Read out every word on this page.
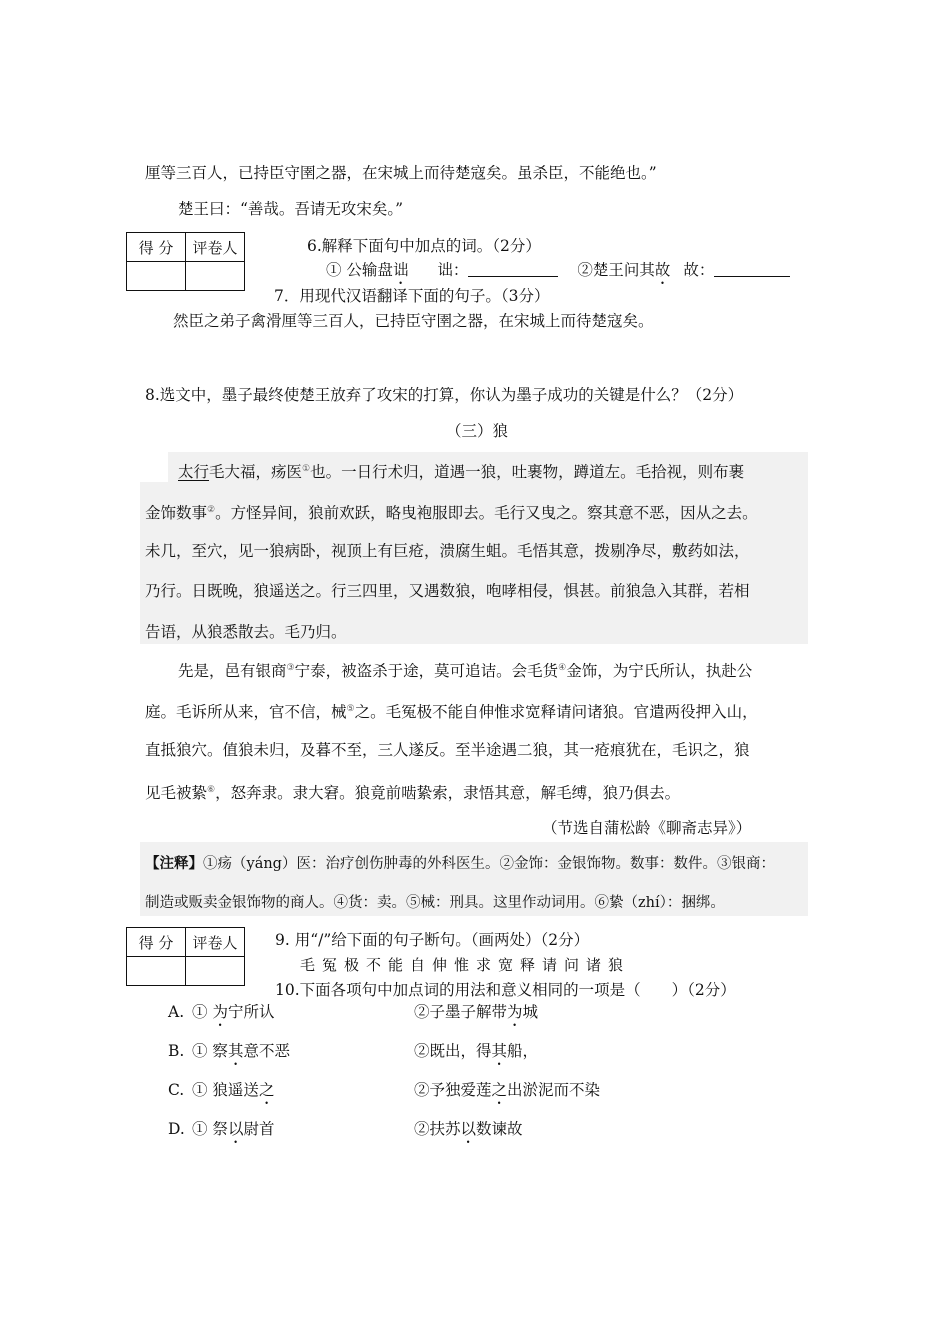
厘等三百人，已持臣守圉之器，在宋城上而待楚寇矣。虽杀臣，不能绝也。”
楚王曰：“善哉。吾请无攻宋矣。”
得 分	评卷人
		6.解释下面句中加点的词。（2分）
① 公输盘诎 诎：	②楚王问其故 故：
7．用现代汉语翻译下面的句子。（3分）
然臣之弟子禽滑厘等三百人，已持臣守圉之器，在宋城上而待楚寇矣。
8.选文中，墨子最终使楚王放弃了攻宋的打算，你认为墨子成功的关键是什么？（2分）
（三）狼
太行毛大福，疡医①也。一日行术归，道遇一狼，吐裹物，蹲道左。毛拾视，则布裹
金饰数事②。方怪异间，狼前欢跃，略曳袍服即去。毛行又曳之。察其意不恶，因从之去。
未几，至穴，见一狼病卧，视顶上有巨疮，溃腐生蛆。毛悟其意，拨剔净尽，敷药如法，
乃行。日既晚，狼遥送之。行三四里，又遇数狼，咆哮相侵，惧甚。前狼急入其群，若相
告语，从狼悉散去。毛乃归。
先是，邑有银商③宁泰，被盗杀于途，莫可追诘。会毛货④金饰，为宁氏所认，执赴公
庭。毛诉所从来，官不信，械⑤之。毛冤极不能自伸惟求宽释请问诸狼。官遣两役押入山，
直抵狼穴。值狼未归，及暮不至，三人遂反。至半途遇二狼，其一疮痕犹在，毛识之，狼
见毛被絷⑥，怒奔隶。隶大窘。狼竟前啮絷索，隶悟其意，解毛缚，狼乃俱去。
（节选自蒲松龄《聊斋志异》）
【注释】①疡（yáng）医：治疗创伤肿毒的外科医生。②金饰：金银饰物。数事：数件。③银商：
制造或贩卖金银饰物的商人。④货：卖。⑤械：刑具。这里作动词用。⑥絷（zhí）：捆绑。
得 分	评卷人
	9. 用“/”给下面的句子断句。（画两处）（2分）
毛冤极不能自伸惟求宽释请问诸狼
10.下面各项句中加点词的用法和意义相同的一项是（　　）（2分）
A. ① 为宁所认	②子墨子解带为城
B. ① 察其意不恶	②既出，得其船，
C. ① 狼遥送之	②予独爱莲之出淤泥而不染
D. ① 祭以尉首	②扶苏以数谏故
